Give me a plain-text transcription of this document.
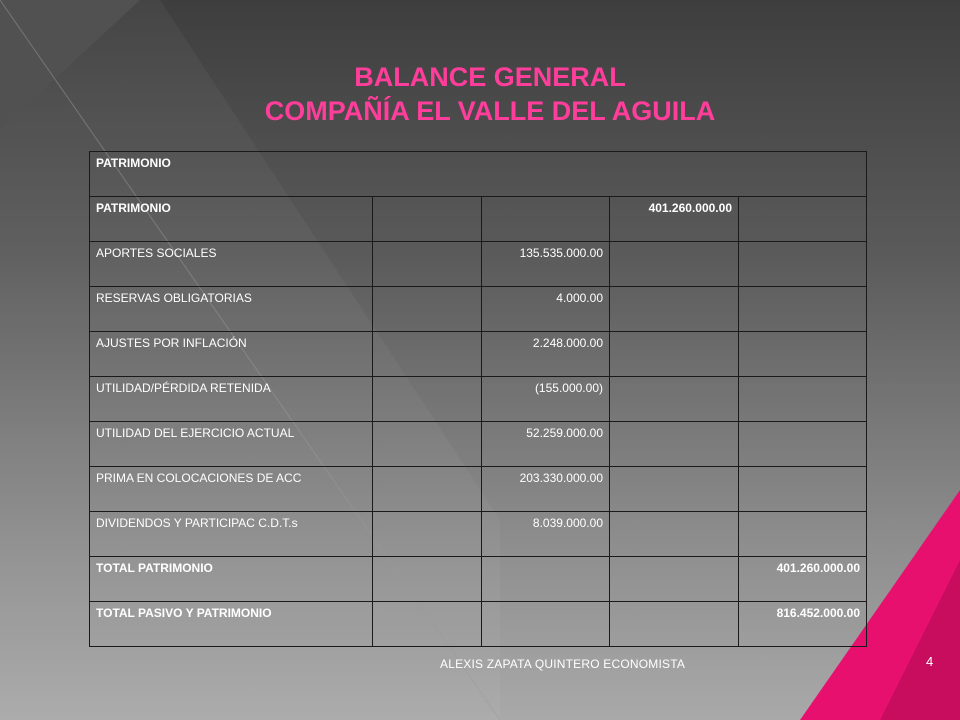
BALANCE GENERAL
COMPAÑÍA EL VALLE DEL AGUILA
PATRIMONIO				
PATRIMONIO			401.260.000.00	
APORTES SOCIALES		135.535.000.00		
RESERVAS OBLIGATORIAS		4.000.00		
AJUSTES POR INFLACIÓN		2.248.000.00		
UTILIDAD/PÉRDIDA RETENIDA		(155.000.00)		
UTILIDAD DEL EJERCICIO ACTUAL		52.259.000.00		
PRIMA EN COLOCACIONES DE ACC		203.330.000.00		
DIVIDENDOS Y PARTICIPAC C.D.T.s		8.039.000.00		
TOTAL PATRIMONIO				401.260.000.00
TOTAL PASIVO Y PATRIMONIO				816.452.000.00
ALEXIS ZAPATA QUINTERO ECONOMISTA	4
